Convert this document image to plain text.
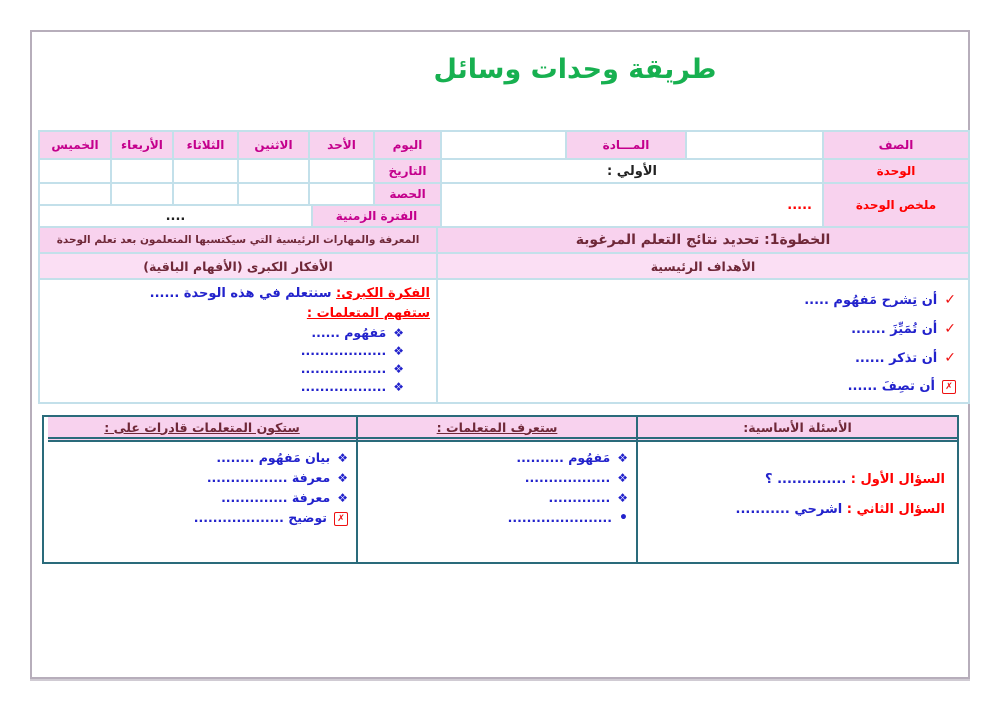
طريقة وحدات وسائل
الصف
المـــادة
اليوم
الأحد
الاثنين
الثلاثاء
الأربعاء
الخميس
الوحدة
الأولي :
التاريخ
ملخص الوحدة
.....
الحصة
الفترة الزمنية
....
الخطوة1: تحديد نتائج التعلم المرغوبة
المعرفة والمهارات الرئيسية التي سيكتسبها المتعلمون بعد تعلم الوحدة
الأهداف الرئيسية
الأفكار الكبرى (الأفهام الباقية)
✓أن تِشرح مَفهُوم .....
✓أن تُمَيِّزَ .......
✓أن تذكر ......
✗أن تصِفَ ......
الفكرة الكبرى: سنتعلم في هذه الوحدة ......
ستفهم المتعلمات :
❖مَفهُوم ......
❖..................
❖..................
❖..................
الأسئلة الأساسية:
السؤال الأول : .............. ؟
السؤال الثاني : اشرحي ...........
ستعرف المتعلمات :
❖مَفهُوم ..........
❖..................
❖.............
•......................
ستكون المتعلمات قادرات على :
❖بيان مَفهُوم ........
❖معرفة .................
❖معرفة ..............
✗توضيح ...................
